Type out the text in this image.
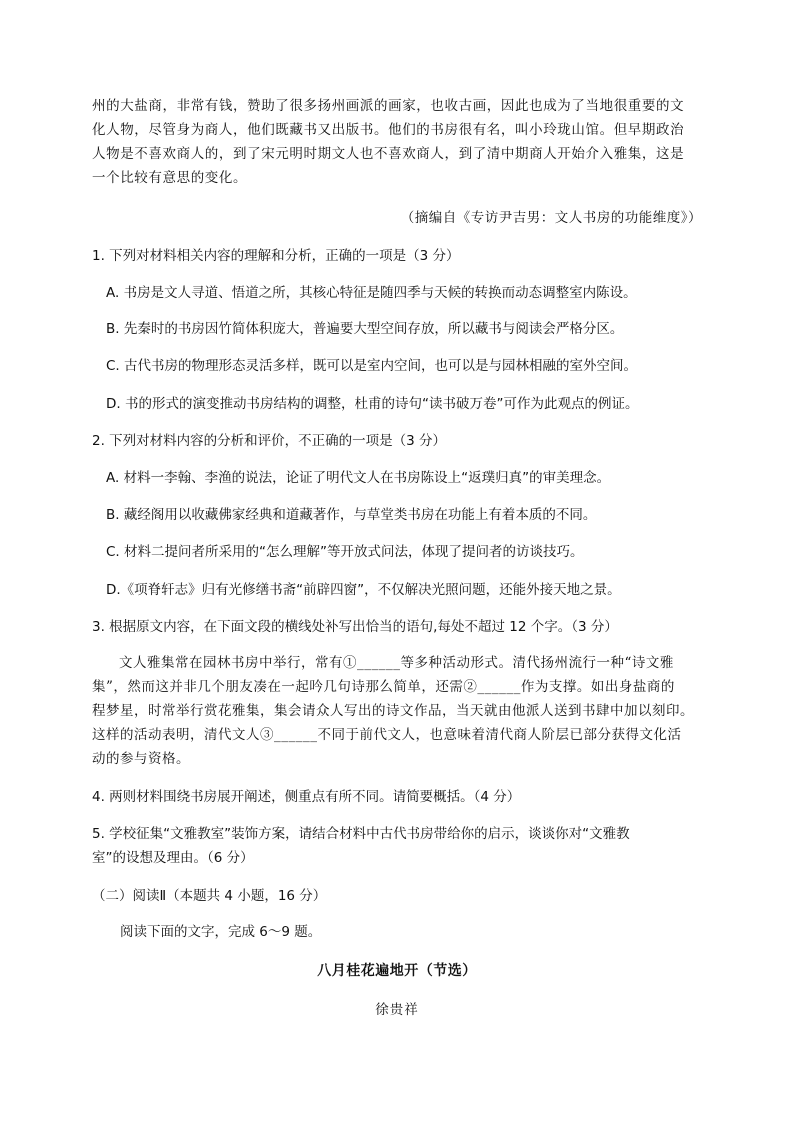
州的大盐商，非常有钱，赞助了很多扬州画派的画家，也收古画，因此也成为了当地很重要的文

化人物，尽管身为商人，他们既藏书又出版书。他们的书房很有名，叫小玲珑山馆。但早期政治

人物是不喜欢商人的，到了宋元明时期文人也不喜欢商人，到了清中期商人开始介入雅集，这是

一个比较有意思的变化。

（摘编自《专访尹吉男：文人书房的功能维度》）
1. 下列对材料相关内容的理解和分析，正确的一项是（3 分）
A. 书房是文人寻道、悟道之所，其核心特征是随四季与天候的转换而动态调整室内陈设。
B. 先秦时的书房因竹简体积庞大，普遍要大型空间存放，所以藏书与阅读会严格分区。
C. 古代书房的物理形态灵活多样，既可以是室内空间，也可以是与园林相融的室外空间。
D. 书的形式的演变推动书房结构的调整，杜甫的诗句“读书破万卷”可作为此观点的例证。
2. 下列对材料内容的分析和评价，不正确的一项是（3 分）
A. 材料一李翰、李渔的说法，论证了明代文人在书房陈设上“返璞归真”的审美理念。
B. 藏经阁用以收藏佛家经典和道藏著作，与草堂类书房在功能上有着本质的不同。
C. 材料二提问者所采用的“怎么理解”等开放式问法，体现了提问者的访谈技巧。
D.《项脊轩志》归有光修缮书斋“前辟四窗”，不仅解决光照问题，还能外接天地之景。
3. 根据原文内容，在下面文段的横线处补写出恰当的语句,每处不超过 12 个字。（3 分）

文人雅集常在园林书房中举行，常有①______等多种活动形式。清代扬州流行一种“诗文雅

集”，然而这并非几个朋友凑在一起吟几句诗那么简单，还需②______作为支撑。如出身盐商的

程梦星，时常举行赏花雅集，集会请众人写出的诗文作品，当天就由他派人送到书肆中加以刻印。

这样的活动表明，清代文人③______不同于前代文人，也意味着清代商人阶层已部分获得文化活

动的参与资格。

4. 两则材料围绕书房展开阐述，侧重点有所不同。请简要概括。（4 分）
5. 学校征集“文雅教室”装饰方案，请结合材料中古代书房带给你的启示，谈谈你对“文雅教
室”的设想及理由。（6 分）
（二）阅读Ⅱ（本题共 4 小题，16 分）
阅读下面的文字，完成 6～9 题。
八月桂花遍地开（节选）
徐贵祥
